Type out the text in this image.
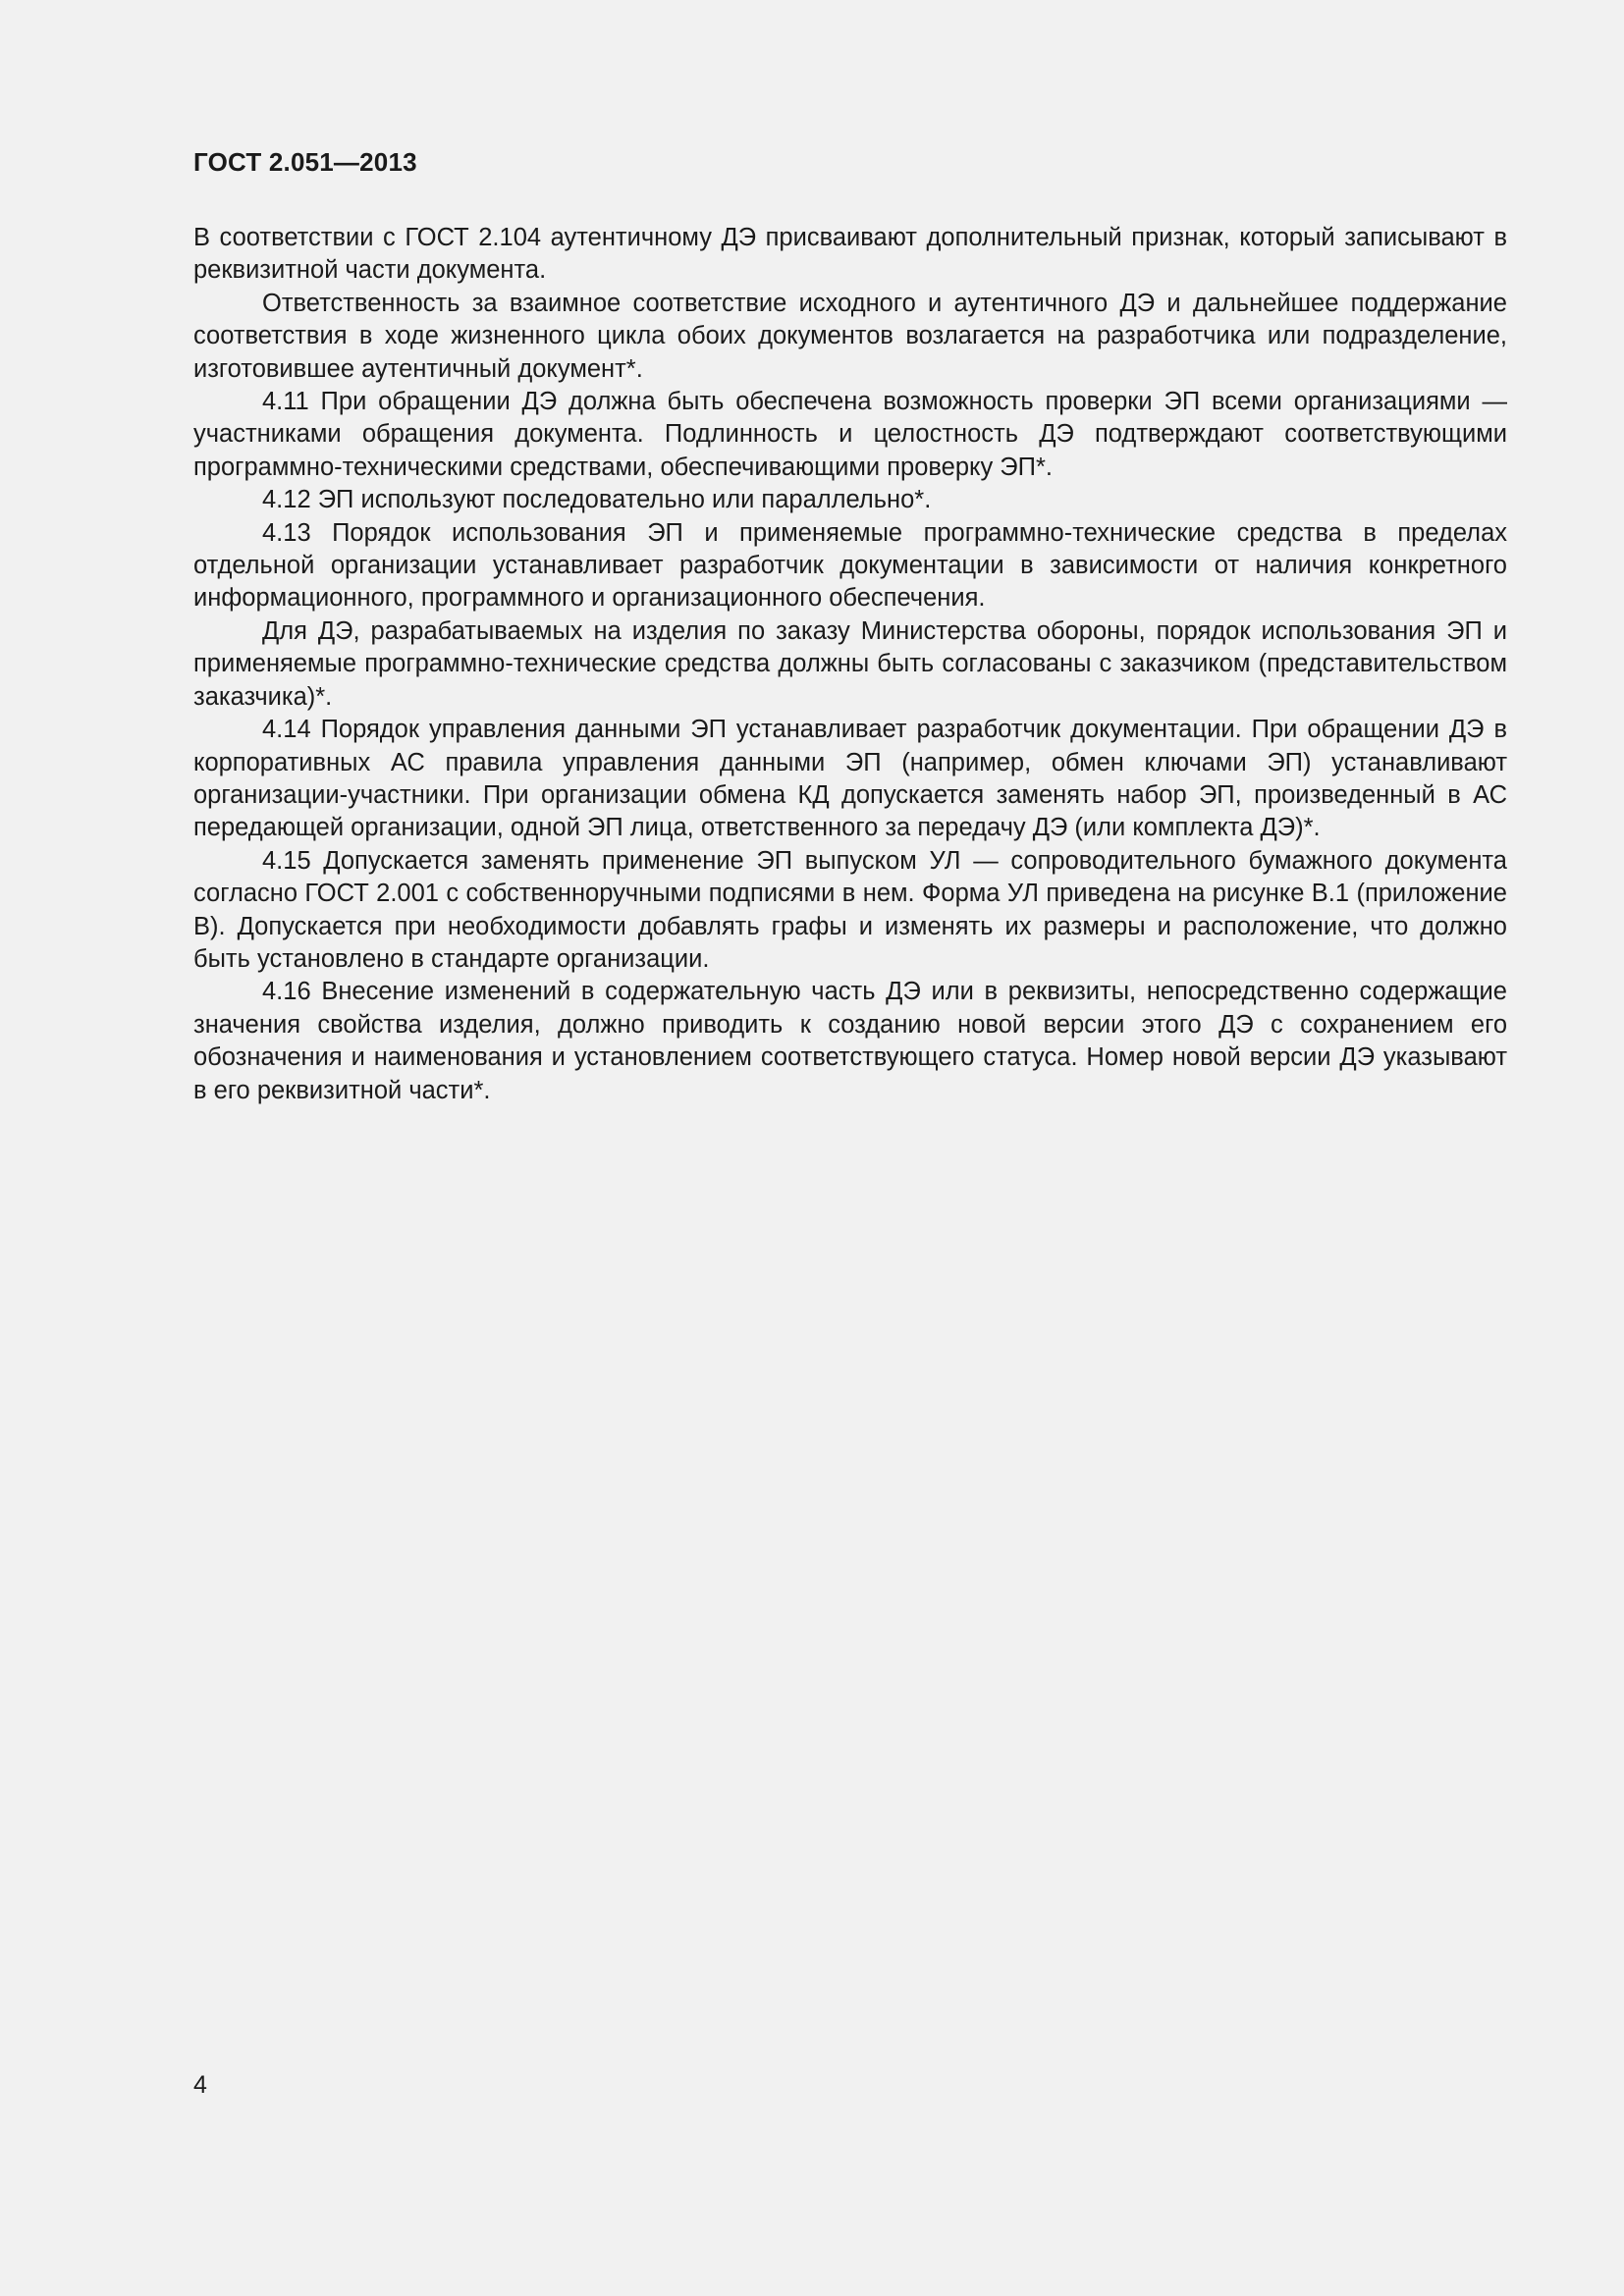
ГОСТ 2.051—2013

В соответствии с ГОСТ 2.104 аутентичному ДЭ присваивают дополнительный признак, который записывают в реквизитной части документа.

Ответственность за взаимное соответствие исходного и аутентичного ДЭ и дальнейшее поддержание соответствия в ходе жизненного цикла обоих документов возлагается на разработчика или подразделение, изготовившее аутентичный документ*.

4.11 При обращении ДЭ должна быть обеспечена возможность проверки ЭП всеми организациями — участниками обращения документа. Подлинность и целостность ДЭ подтверждают соответствующими программно-техническими средствами, обеспечивающими проверку ЭП*.

4.12 ЭП используют последовательно или параллельно*.

4.13 Порядок использования ЭП и применяемые программно-технические средства в пределах отдельной организации устанавливает разработчик документации в зависимости от наличия конкретного информационного, программного и организационного обеспечения.

Для ДЭ, разрабатываемых на изделия по заказу Министерства обороны, порядок использования ЭП и применяемые программно-технические средства должны быть согласованы с заказчиком (представительством заказчика)*.

4.14 Порядок управления данными ЭП устанавливает разработчик документации. При обращении ДЭ в корпоративных АС правила управления данными ЭП (например, обмен ключами ЭП) устанавливают организации-участники. При организации обмена КД допускается заменять набор ЭП, произведенный в АС передающей организации, одной ЭП лица, ответственного за передачу ДЭ (или комплекта ДЭ)*.

4.15 Допускается заменять применение ЭП выпуском УЛ — сопроводительного бумажного документа согласно ГОСТ 2.001 с собственноручными подписями в нем. Форма УЛ приведена на рисунке В.1 (приложение В). Допускается при необходимости добавлять графы и изменять их размеры и расположение, что должно быть установлено в стандарте организации.

4.16 Внесение изменений в содержательную часть ДЭ или в реквизиты, непосредственно содержащие значения свойства изделия, должно приводить к созданию новой версии этого ДЭ с сохранением его обозначения и наименования и установлением соответствующего статуса. Номер новой версии ДЭ указывают в его реквизитной части*.

4
